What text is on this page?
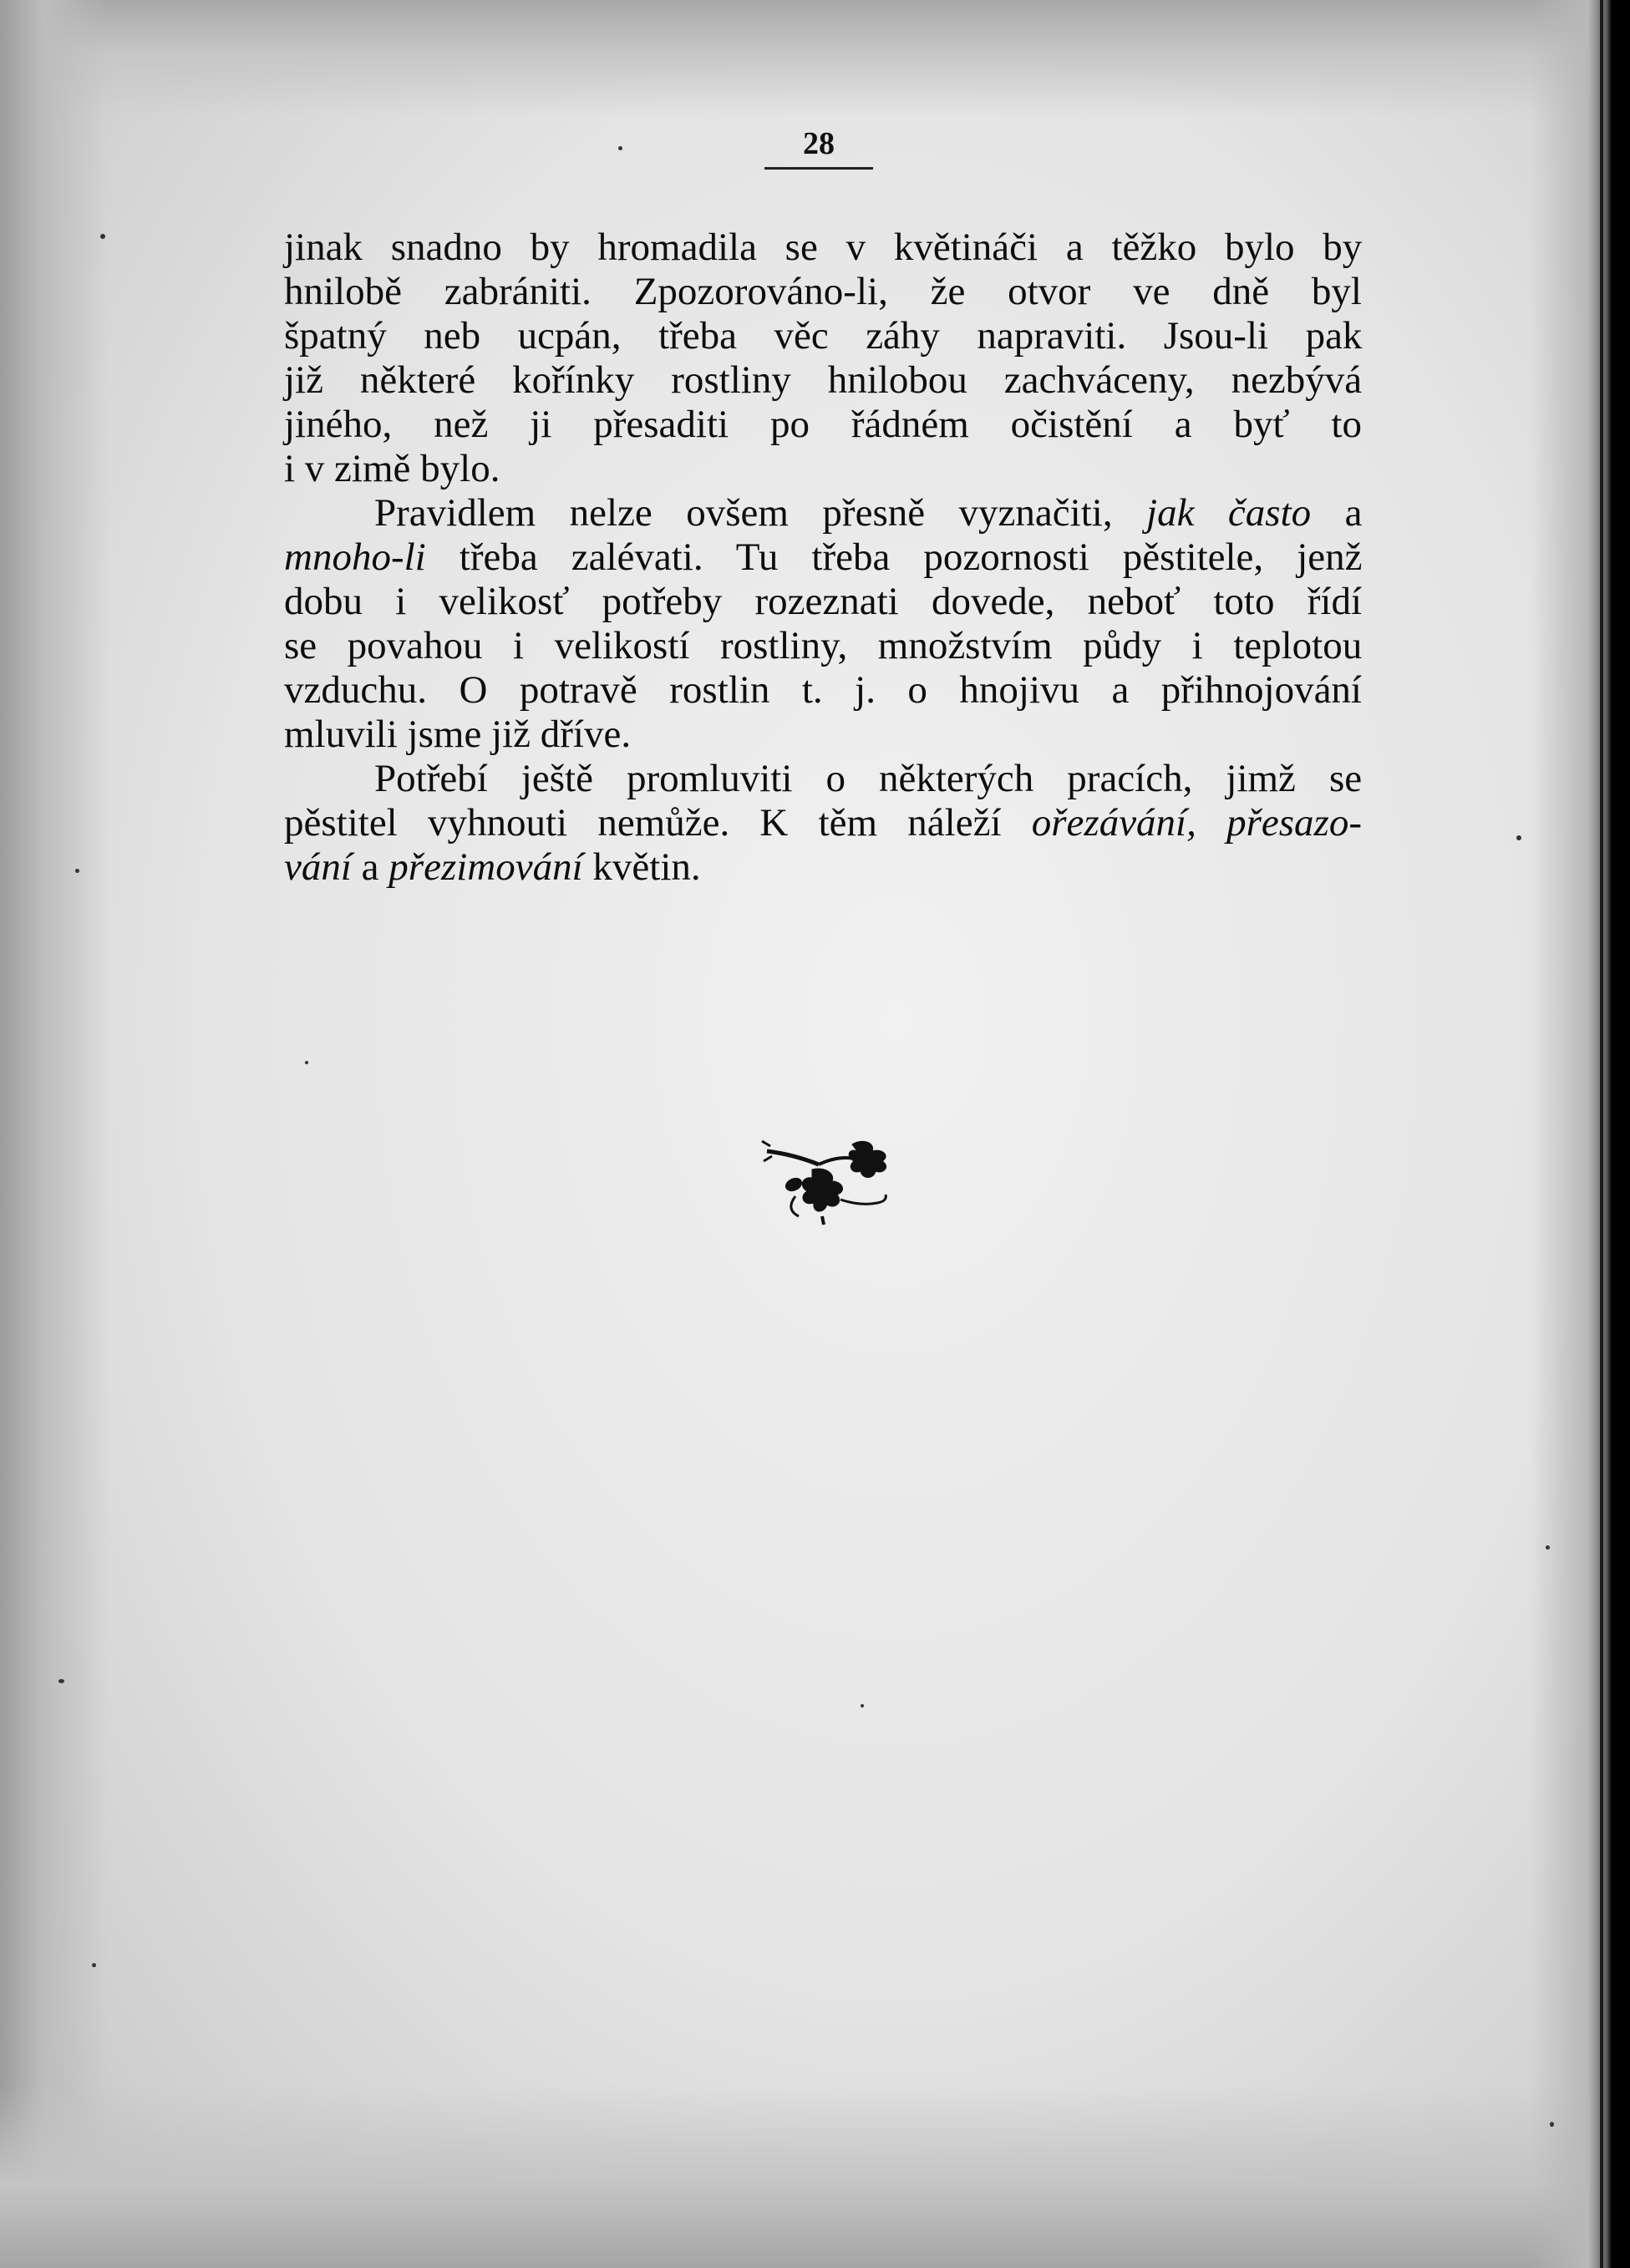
28
jinak snadno by hromadila se v květináči a těžko bylo by
hnilobě zabrániti. Zpozorováno-li, že otvor ve dně byl
špatný neb ucpán, třeba věc záhy napraviti. Jsou-li pak
již některé kořínky rostliny hnilobou zachváceny, nezbývá
jiného, než ji přesaditi po řádném očistění a byť to
i v zimě bylo.
Pravidlem nelze ovšem přesně vyznačiti, jak často a
mnoho-li třeba zalévati. Tu třeba pozornosti pěstitele, jenž
dobu i velikosť potřeby rozeznati dovede, neboť toto řídí
se povahou i velikostí rostliny, množstvím půdy i teplotou
vzduchu. O potravě rostlin t. j. o hnojivu a přihnojování
mluvili jsme již dříve.
Potřebí ještě promluviti o některých pracích, jimž se
pěstitel vyhnouti nemůže. K těm náleží ořezávání, přesazo-
vání a přezimování květin.
